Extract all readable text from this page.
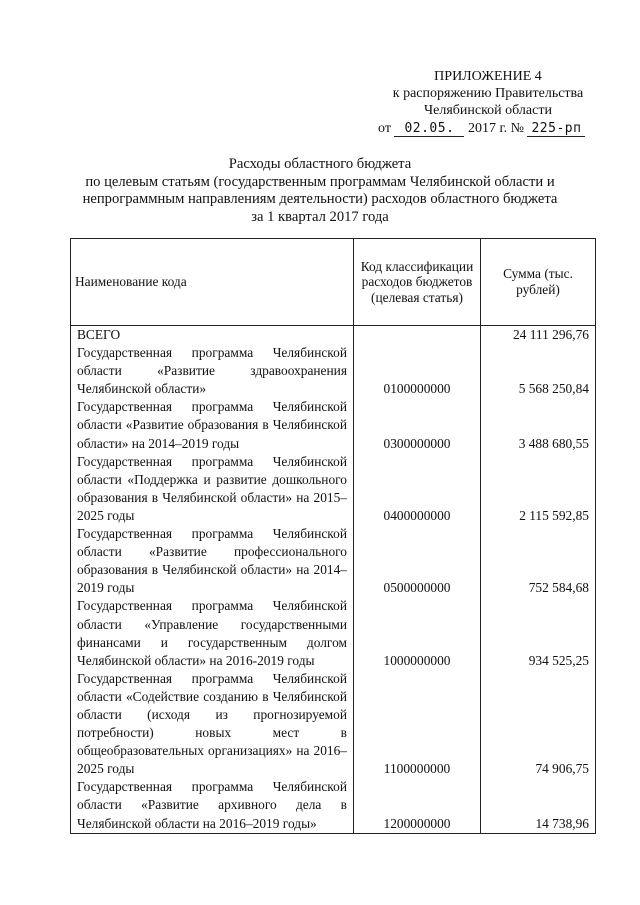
ПРИЛОЖЕНИЕ 4
к распоряжению Правительства
Челябинской области
от 02.05. 2017 г. № 225-рп
Расходы областного бюджета
по целевым статьям (государственным программам Челябинской области и
непрограммным направлениям деятельности) расходов областного бюджета
за 1 квартал 2017 года
Наименование кода	Код классификации расходов бюджетов (целевая статья)	Сумма (тыс. рублей)
ВСЕГО		24 111 296,76
Государственная программа Челябинской области «Развитие здравоохранения Челябинской области»	0100000000	5 568 250,84
Государственная программа Челябинской области «Развитие образования в Челябинской области» на 2014–2019 годы	0300000000	3 488 680,55
Государственная программа Челябинской области «Поддержка и развитие дошкольного образования в Челябинской области» на 2015–2025 годы	0400000000	2 115 592,85
Государственная программа Челябинской области «Развитие профессионального образования в Челябинской области» на 2014–2019 годы	0500000000	752 584,68
Государственная программа Челябинской области «Управление государственными финансами и государственным долгом Челябинской области» на 2016-2019 годы	1000000000	934 525,25
Государственная программа Челябинской области «Содействие созданию в Челябинской области (исходя из прогнозируемой потребности) новых мест в общеобразовательных организациях» на 2016–2025 годы	1100000000	74 906,75
Государственная программа Челябинской области «Развитие архивного дела в Челябинской области на 2016–2019 годы»	1200000000	14 738,96
